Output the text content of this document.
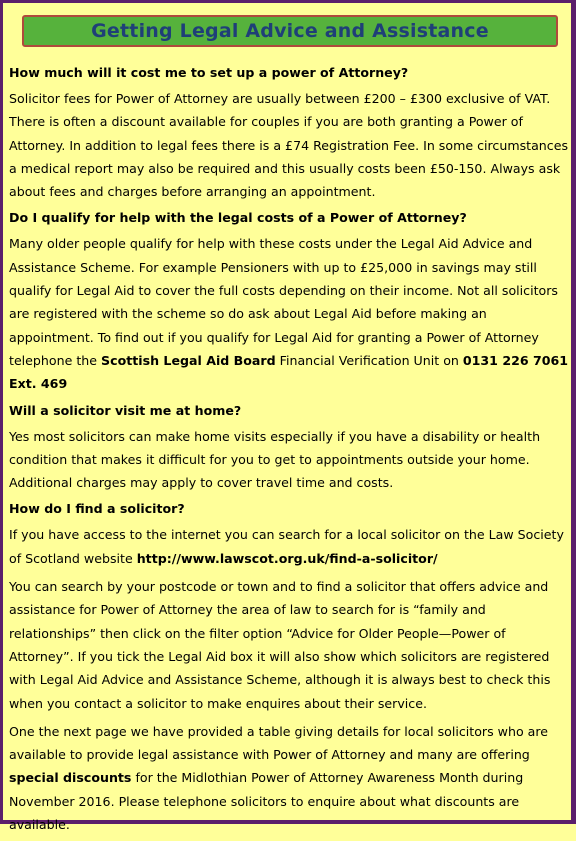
Getting Legal Advice and Assistance
How much will it cost me to set up a power of Attorney?

Solicitor fees for Power of Attorney are usually between £200 – £300 exclusive of VAT. There is often a discount available for couples if you are both granting a Power of Attorney. In addition to legal fees there is a £74 Registration Fee. In some circumstances a medical report may also be required and this usually costs been £50-150. Always ask about fees and charges before arranging an appointment.

Do I qualify for help with the legal costs of a Power of Attorney?

Many older people qualify for help with these costs under the Legal Aid Advice and Assistance Scheme. For example Pensioners with up to £25,000 in savings may still qualify for Legal Aid to cover the full costs depending on their income. Not all solicitors are registered with the scheme so do ask about Legal Aid before making an appointment. To find out if you qualify for Legal Aid for granting a Power of Attorney telephone the Scottish Legal Aid Board Financial Verification Unit on 0131 226 7061 Ext. 469

Will a solicitor visit me at home?

Yes most solicitors can make home visits especially if you have a disability or health condition that makes it difficult for you to get to appointments outside your home. Additional charges may apply to cover travel time and costs.

How do I find a solicitor?

If you have access to the internet you can search for a local solicitor on the Law Society of Scotland website http://www.lawscot.org.uk/find-a-solicitor/

You can search by your postcode or town and to find a solicitor that offers advice and assistance for Power of Attorney the area of law to search for is “family and relationships” then click on the filter option “Advice for Older People—Power of Attorney”. If you tick the Legal Aid box it will also show which solicitors are registered with Legal Aid Advice and Assistance Scheme, although it is always best to check this when you contact a solicitor to make enquires about their service.

One the next page we have provided a table giving details for local solicitors who are available to provide legal assistance with Power of Attorney and many are offering special discounts for the Midlothian Power of Attorney Awareness Month during November 2016. Please telephone solicitors to enquire about what discounts are available.
